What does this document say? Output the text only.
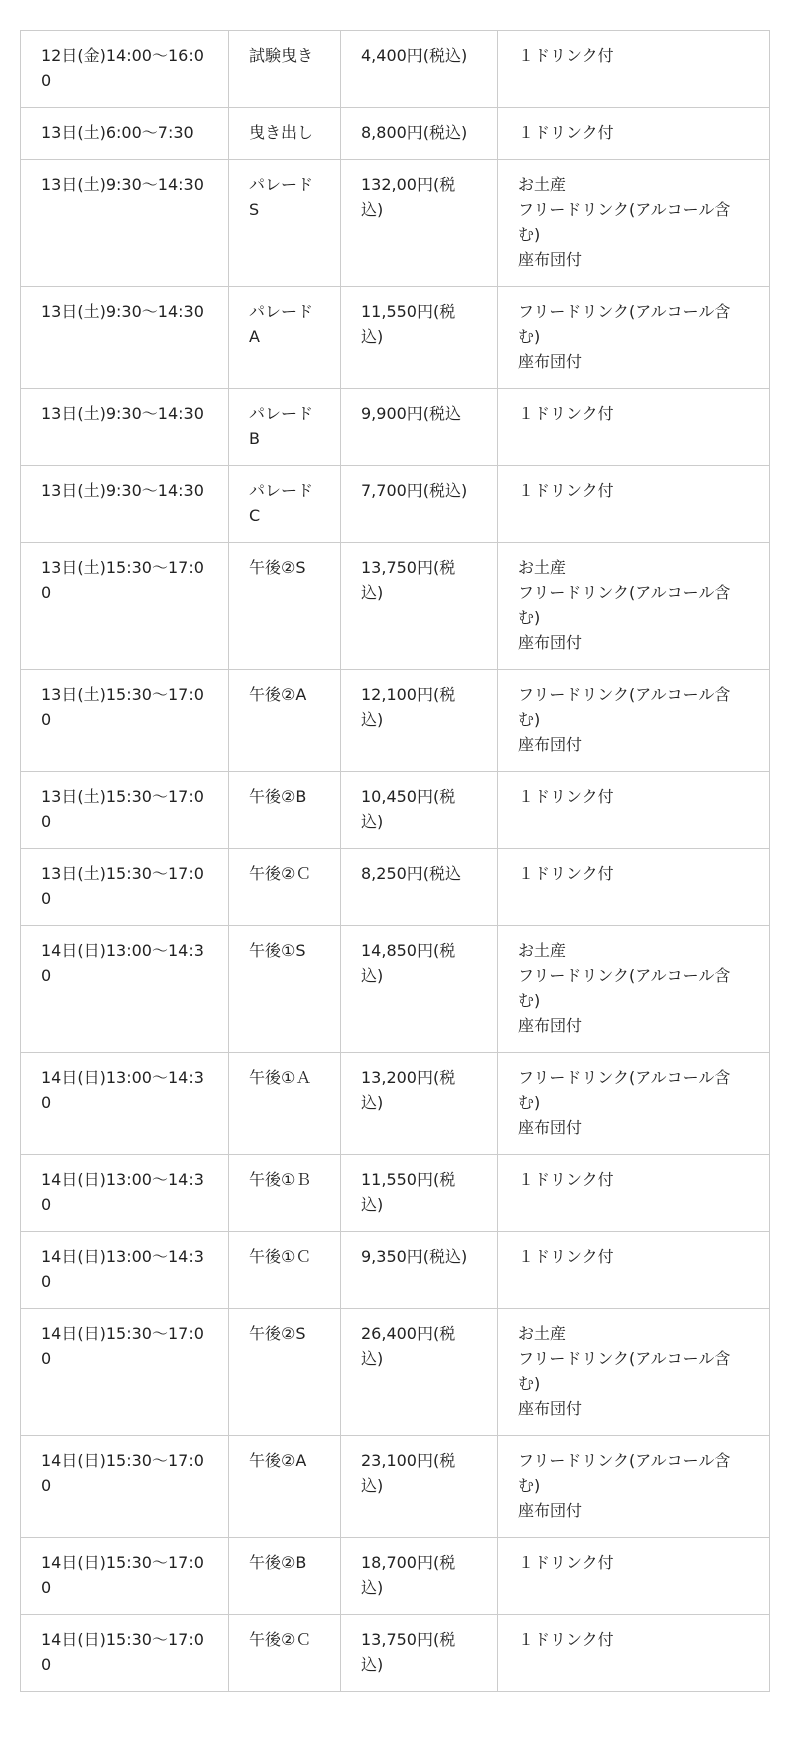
12日(金)14:00〜16:00	試験曳き	4,400円(税込)	１ドリンク付

13日(土)6:00〜7:30	曳き出し	8,800円(税込)	１ドリンク付

13日(土)9:30〜14:30	パレードS	132,00円(税込)	お土産
フリードリンク(アルコール含む)
座布団付

13日(土)9:30〜14:30	パレードA	11,550円(税込)	フリードリンク(アルコール含む)
座布団付

13日(土)9:30〜14:30	パレードB	9,900円(税込	１ドリンク付

13日(土)9:30〜14:30	パレードC	7,700円(税込)	１ドリンク付

13日(土)15:30〜17:00	午後②S	13,750円(税込)	お土産
フリードリンク(アルコール含む)
座布団付

13日(土)15:30〜17:00	午後②A	12,100円(税込)	フリードリンク(アルコール含む)
座布団付

13日(土)15:30〜17:00	午後②B	10,450円(税込)	１ドリンク付

13日(土)15:30〜17:00	午後②Ｃ	8,250円(税込	１ドリンク付

14日(日)13:00〜14:30	午後①S	14,850円(税込)	お土産
フリードリンク(アルコール含む)
座布団付

14日(日)13:00〜14:30	午後①Ａ	13,200円(税込)	フリードリンク(アルコール含む)
座布団付

14日(日)13:00〜14:30	午後①Ｂ	11,550円(税込)	１ドリンク付

14日(日)13:00〜14:30	午後①Ｃ	9,350円(税込)	１ドリンク付

14日(日)15:30〜17:00	午後②S	26,400円(税込)	お土産
フリードリンク(アルコール含む)
座布団付

14日(日)15:30〜17:00	午後②A	23,100円(税込)	フリードリンク(アルコール含む)
座布団付

14日(日)15:30〜17:00	午後②B	18,700円(税込)	１ドリンク付

14日(日)15:30〜17:00	午後②Ｃ	13,750円(税込)	１ドリンク付
